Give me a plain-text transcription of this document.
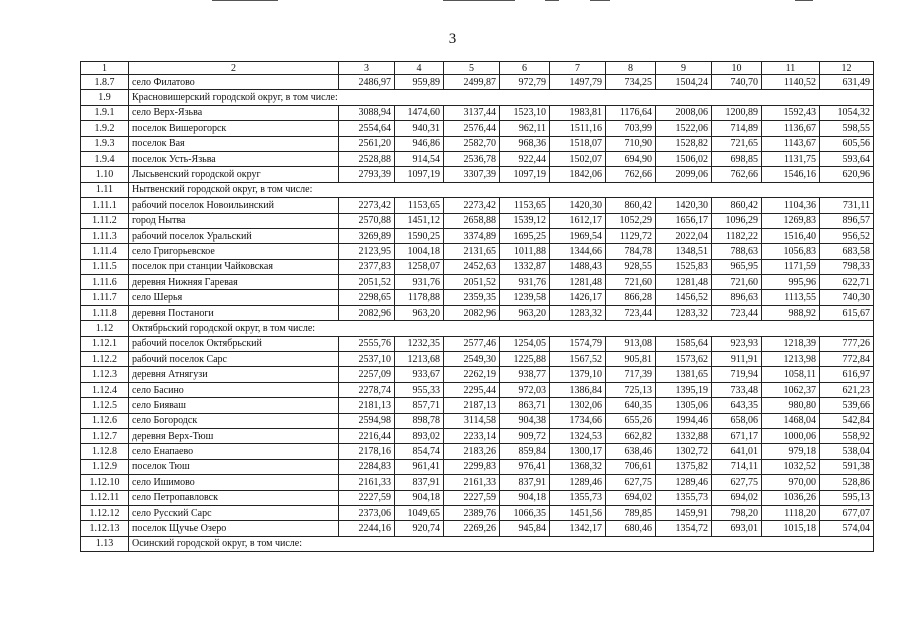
3
1	2	3	4	5	6	7	8	9	10	11	12
1.8.7	село Филатово	2486,97	959,89	2499,87	972,79	1497,79	734,25	1504,24	740,70	1140,52	631,49
1.9	Красновишерский городской округ, в том числе:										
1.9.1	село Верх-Язьва	3088,94	1474,60	3137,44	1523,10	1983,81	1176,64	2008,06	1200,89	1592,43	1054,32
1.9.2	поселок Вишерогорск	2554,64	940,31	2576,44	962,11	1511,16	703,99	1522,06	714,89	1136,67	598,55
1.9.3	поселок Вая	2561,20	946,86	2582,70	968,36	1518,07	710,90	1528,82	721,65	1143,67	605,56
1.9.4	поселок Усть-Язьва	2528,88	914,54	2536,78	922,44	1502,07	694,90	1506,02	698,85	1131,75	593,64
1.10	Лысьвенский городской округ	2793,39	1097,19	3307,39	1097,19	1842,06	762,66	2099,06	762,66	1546,16	620,96
1.11	Нытвенский городской округ, в том числе:										
1.11.1	рабочий поселок Новоильинский	2273,42	1153,65	2273,42	1153,65	1420,30	860,42	1420,30	860,42	1104,36	731,11
1.11.2	город Нытва	2570,88	1451,12	2658,88	1539,12	1612,17	1052,29	1656,17	1096,29	1269,83	896,57
1.11.3	рабочий поселок Уральский	3269,89	1590,25	3374,89	1695,25	1969,54	1129,72	2022,04	1182,22	1516,40	956,52
1.11.4	село Григорьевское	2123,95	1004,18	2131,65	1011,88	1344,66	784,78	1348,51	788,63	1056,83	683,58
1.11.5	поселок при станции Чайковская	2377,83	1258,07	2452,63	1332,87	1488,43	928,55	1525,83	965,95	1171,59	798,33
1.11.6	деревня Нижняя Гаревая	2051,52	931,76	2051,52	931,76	1281,48	721,60	1281,48	721,60	995,96	622,71
1.11.7	село Шерья	2298,65	1178,88	2359,35	1239,58	1426,17	866,28	1456,52	896,63	1113,55	740,30
1.11.8	деревня Постаноги	2082,96	963,20	2082,96	963,20	1283,32	723,44	1283,32	723,44	988,92	615,67
1.12	Октябрьский городской округ, в том числе:										
1.12.1	рабочий поселок Октябрьский	2555,76	1232,35	2577,46	1254,05	1574,79	913,08	1585,64	923,93	1218,39	777,26
1.12.2	рабочий поселок Сарс	2537,10	1213,68	2549,30	1225,88	1567,52	905,81	1573,62	911,91	1213,98	772,84
1.12.3	деревня Атнягузи	2257,09	933,67	2262,19	938,77	1379,10	717,39	1381,65	719,94	1058,11	616,97
1.12.4	село Басино	2278,74	955,33	2295,44	972,03	1386,84	725,13	1395,19	733,48	1062,37	621,23
1.12.5	село Бияваш	2181,13	857,71	2187,13	863,71	1302,06	640,35	1305,06	643,35	980,80	539,66
1.12.6	село Богородск	2594,98	898,78	3114,58	904,38	1734,66	655,26	1994,46	658,06	1468,04	542,84
1.12.7	деревня Верх-Тюш	2216,44	893,02	2233,14	909,72	1324,53	662,82	1332,88	671,17	1000,06	558,92
1.12.8	село Енапаево	2178,16	854,74	2183,26	859,84	1300,17	638,46	1302,72	641,01	979,18	538,04
1.12.9	поселок Тюш	2284,83	961,41	2299,83	976,41	1368,32	706,61	1375,82	714,11	1032,52	591,38
1.12.10	село Ишимово	2161,33	837,91	2161,33	837,91	1289,46	627,75	1289,46	627,75	970,00	528,86
1.12.11	село Петропавловск	2227,59	904,18	2227,59	904,18	1355,73	694,02	1355,73	694,02	1036,26	595,13
1.12.12	село Русский Сарс	2373,06	1049,65	2389,76	1066,35	1451,56	789,85	1459,91	798,20	1118,20	677,07
1.12.13	поселок Щучье Озеро	2244,16	920,74	2269,26	945,84	1342,17	680,46	1354,72	693,01	1015,18	574,04
1.13	Осинский городской округ, в том числе:										
